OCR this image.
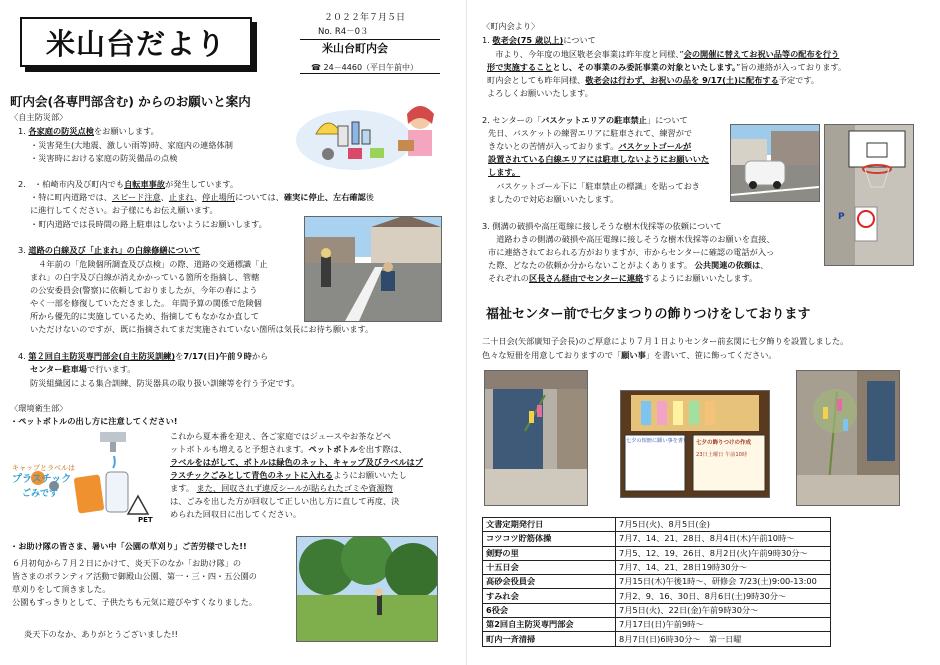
米山台だより
２０２２年７月５日
No. R4－0３
米山台町内会
☎ 24－4460（平日午前中）
町内会(各専門部含む) からのお願いと案内
〈自主防災部〉
1. 各家庭の防災点検をお願いします。
・災害発生(大地震、激しい雨等)時、家庭内の連絡体制
・災害時における家庭の防災備品の点検
2.　・柏崎市内及び町内でも自転車事故が発生しています。
・特に町内道路では、スピード注意、止まれ、停止場所については、確実に停止、左右確認後
に進行してください。お子様にもお伝え願います。
・町内道路では長時間の路上駐車はしないようにお願いします。
3. 道路の白線及び「止まれ」の白線修繕について
　４年前の「危険個所調査及び点検」の際、道路の交通標識「止
まれ」の白字及び白線が消えかかっている箇所を指摘し、管轄
の公安委員会(警察)に依頼しておりましたが、今年の春によう
やく一部を修復していただきました。 年間予算の関係で危険個
所から優先的に実施しているため、指摘してもなかなか直して
いただけないのですが、既に指摘されてまだ実施されていない箇所は気長にお待ち願います。
4. 第２回自主防災専門部会(自主防災訓練)を7/17(日)午前９時から
センター駐車場で行います。
防災組織図による集合訓練、防災器具の取り扱い訓練等を行う予定です。
〈環境衛生部〉
・ペットボトルの出し方に注意してください!
キャップとラベルは
プラスチック
ごみです
PET
これから夏本番を迎え、各ご家庭ではジュースやお茶などペ
ットボトルも増えると予想されます。ペットボトルを出す際は、
ラベルをはがして、ボトルは緑色のネット、キャップ及びラベルはプ
ラスチックごみとして青色のネットに入れるようにお願いいたし
ます。 また、回収されず違反シールが貼られたゴミや資源物
は、ごみを出した方が回収して正しい出し方に直して再度、決
められた回収日に出してください。
・お助け隊の皆さま、暑い中「公園の草刈り」ご苦労様でした!!
６月初旬から７月２日にかけて、炎天下のなか「お助け隊」の
皆さまのボランティア活動で御殿山公園、第一・三・四・五公園の
草刈りをして頂きました。
公園もすっきりとして、子供たちも元気に遊びやすくなりました。
炎天下のなか、ありがとうございました!!
〈町内会より〉
1. 敬老会(75 歳以上)について
　市より、今年度の地区敬老会事業は昨年度と同様、”会の開催に替えてお祝い品等の配布を行う
形で実施することとし、その事業のみ委託事業の対象といたします。”旨の連絡が入っております。
町内会としても昨年同様、敬老会は行わず、お祝いの品を 9/17(土)に配布する予定です。
よろしくお願いいたします。
2. センターの「バスケットエリアの駐車禁止」について
先日、バスケットの練習エリアに駐車されて、練習がで
きないとの苦情が入っております。バスケットゴールが
設置されている白線エリアには駐車しないようにお願いいた
します。
　バスケットゴール下に「駐車禁止の標識」を貼っておき
ましたので対応お願いいたします。
P
3. 側溝の破損や高圧電線に接しそうな樹木伐採等の依頼について
　道路わきの側溝の破損や高圧電線に接しそうな樹木伐採等のお願いを直接、
市に連絡されておられる方がおりますが、市からセンターに確認の電話が入っ
た際、どなたの依頼か分からないことがよくあります。 公共関連の依頼は、
それぞれの区長さん経由でセンターに連絡するようにお願いいたします。
福祉センター前で七夕まつりの飾りつけをしております
二十日会(矢部廣知子会長)のご厚意により７月１日よりセンター前玄関に七夕飾りを設置しました。
色々な短冊を用意しておりますので「願い事」を書いて、笹に飾ってください。
七夕の短冊に願い事を書いて 七夕の飾りつけの作成
23日土曜日 午前10時
文書定期発行日	7月5日(火)、8月5日(金)
コツコツ貯筋体操	7月7、14、21、28日、8月4日(木)午前10時～
剣野の里	7月5、12、19、26日、8月2日(火)午前9時30分～
十五日会	7月7、14、21、28日19時30分～
高砂会役員会	7月15日(木)午後1時～、研修会 7/23(土)9:00-13:00
すみれ会	7月2、9、16、30日、8月6日(土)9時30分～
6役会	7月5日(火)、22日(金)午前9時30分～
第2回自主防災専門部会	7月17日(日)午前9時～
町内一斉清掃	8月7日(日)6時30分～　第一日曜
